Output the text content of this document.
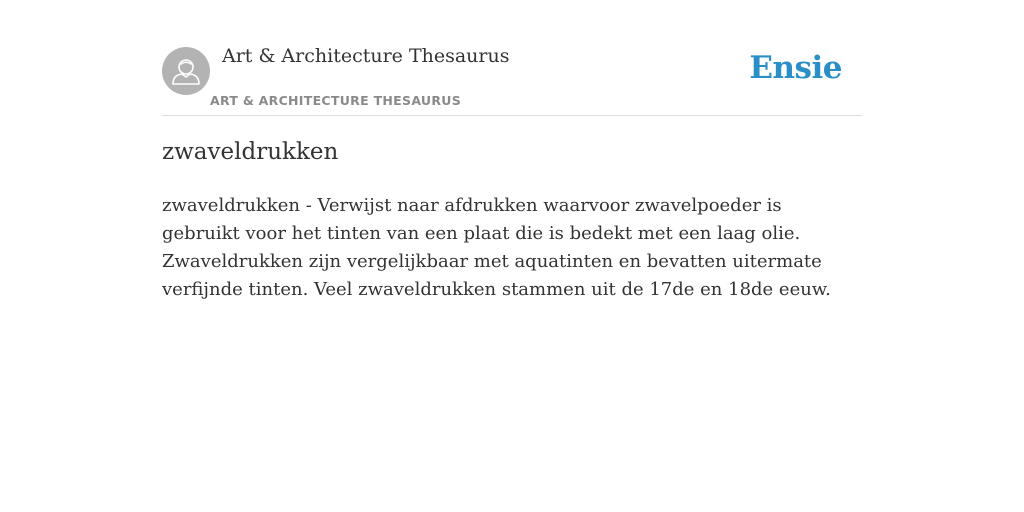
Art & Architecture Thesaurus
ART & ARCHITECTURE THESAURUS
Ensie
zwaveldrukken

zwaveldrukken - Verwijst naar afdrukken waarvoor zwavelpoeder is gebruikt voor het tinten van een plaat die is bedekt met een laag olie. Zwaveldrukken zijn vergelijkbaar met aquatinten en bevatten uitermate verfijnde tinten. Veel zwaveldrukken stammen uit de 17de en 18de eeuw.
